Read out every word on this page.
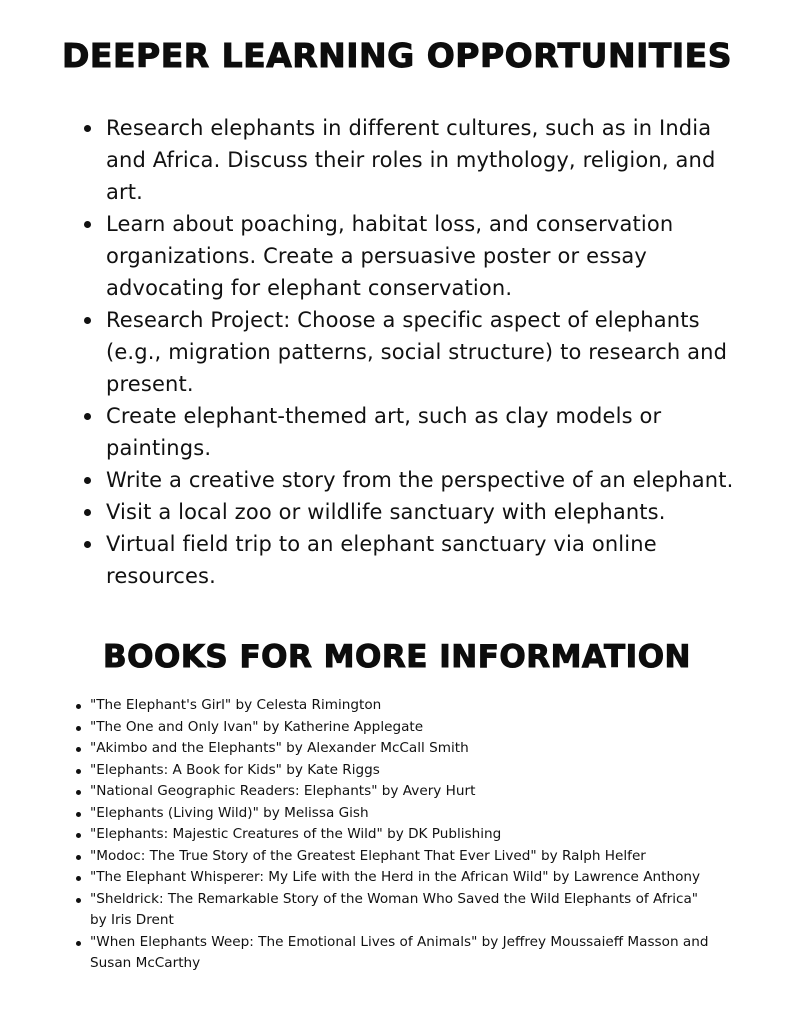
DEEPER LEARNING OPPORTUNITIES
Research elephants in different cultures, such as in India and Africa. Discuss their roles in mythology, religion, and art.
Learn about poaching, habitat loss, and conservation organizations. Create a persuasive poster or essay advocating for elephant conservation.
Research Project: Choose a specific aspect of elephants (e.g., migration patterns, social structure) to research and present.
Create elephant-themed art, such as clay models or paintings.
Write a creative story from the perspective of an elephant.
Visit a local zoo or wildlife sanctuary with elephants.
Virtual field trip to an elephant sanctuary via online resources.
BOOKS FOR MORE INFORMATION
"The Elephant's Girl" by Celesta Rimington
"The One and Only Ivan" by Katherine Applegate
"Akimbo and the Elephants" by Alexander McCall Smith
"Elephants: A Book for Kids" by Kate Riggs
"National Geographic Readers: Elephants" by Avery Hurt
"Elephants (Living Wild)" by Melissa Gish
"Elephants: Majestic Creatures of the Wild" by DK Publishing
"Modoc: The True Story of the Greatest Elephant That Ever Lived" by Ralph Helfer
"The Elephant Whisperer: My Life with the Herd in the African Wild" by Lawrence Anthony
"Sheldrick: The Remarkable Story of the Woman Who Saved the Wild Elephants of Africa" by Iris Drent
"When Elephants Weep: The Emotional Lives of Animals" by Jeffrey Moussaieff Masson and Susan McCarthy
